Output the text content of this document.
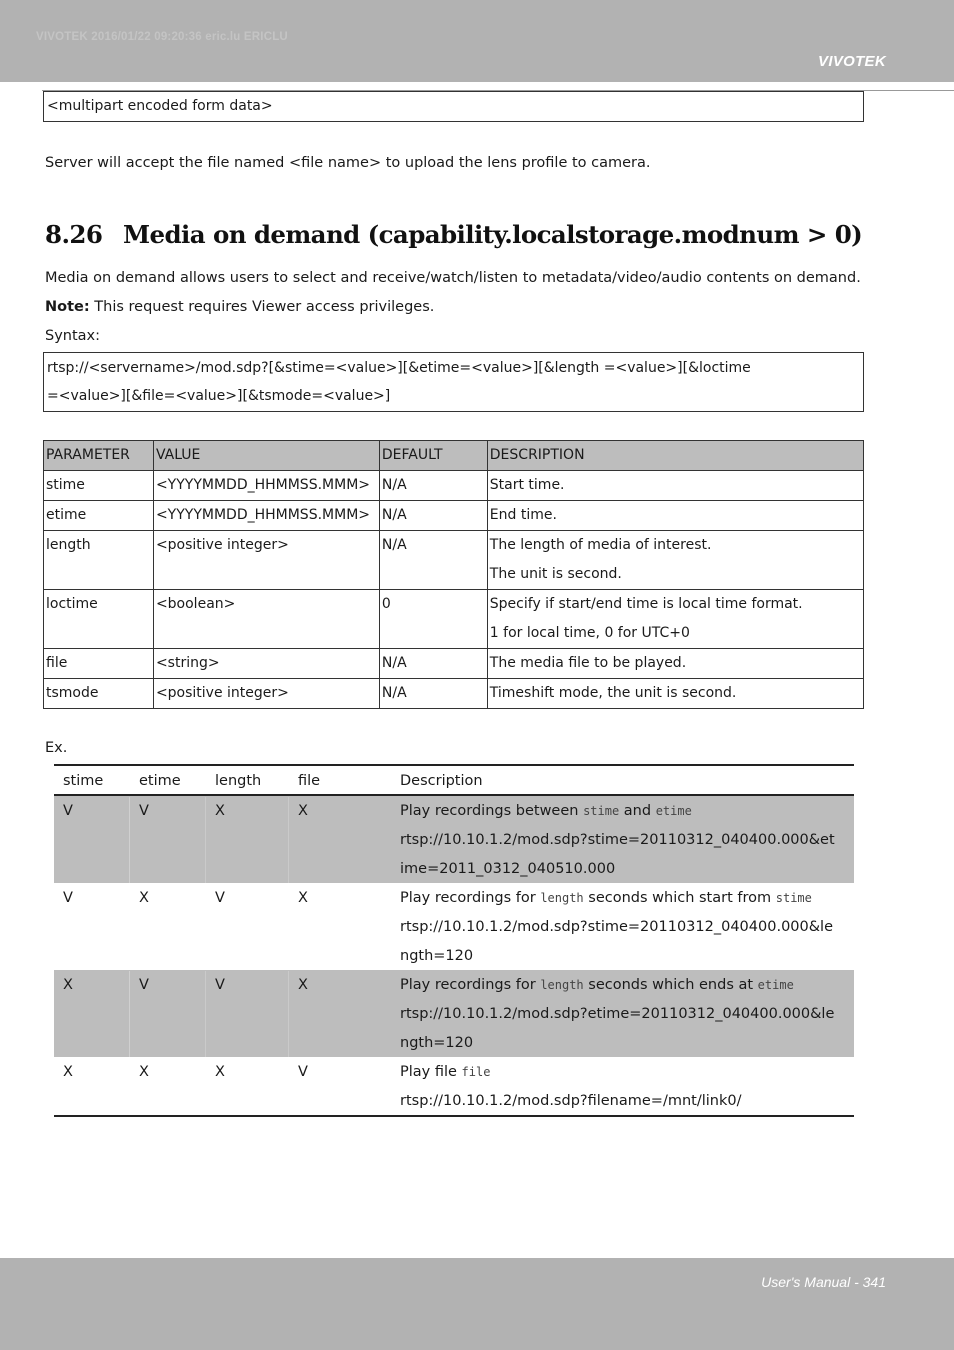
VIVOTEK 2016/01/22 09:20:36 eric.lu ERICLU
VIVOTEK
<multipart encoded form data>
Server will accept the file named <file name> to upload the lens profile to camera.
8.26 Media on demand (capability.localstorage.modnum > 0)
Media on demand allows users to select and receive/watch/listen to metadata/video/audio contents on demand.
Note: This request requires Viewer access privileges.
Syntax:
rtsp://<servername>/mod.sdp?[&stime=<value>][&etime=<value>][&length =<value>][&loctime
=<value>][&file=<value>][&tsmode=<value>]
PARAMETER	VALUE	DEFAULT	DESCRIPTION
stime	<YYYYMMDD_HHMMSS.MMM>	N/A	Start time.

etime	<YYYYMMDD_HHMMSS.MMM>	N/A	End time.

length	<positive integer>	N/A	The length of media of interest.
The unit is second.

loctime	<boolean>	0	Specify if start/end time is local time format.
1 for local time, 0 for UTC+0

file	<string>	N/A	The media file to be played.

tsmode	<positive integer>	N/A	Timeshift mode, the unit is second.
Ex.
stime	etime	length	file	Description
V	V	X	X	Play recordings between stime and etime
rtsp://10.10.1.2/mod.sdp?stime=20110312_040400.000&et
ime=2011_0312_040510.000
V	X	V	X	Play recordings for length seconds which start from stime
rtsp://10.10.1.2/mod.sdp?stime=20110312_040400.000&le
ngth=120
X	V	V	X	Play recordings for length seconds which ends at etime
rtsp://10.10.1.2/mod.sdp?etime=20110312_040400.000&le
ngth=120
X	X	X	V	Play file file
rtsp://10.10.1.2/mod.sdp?filename=/mnt/link0/
User's Manual - 341
